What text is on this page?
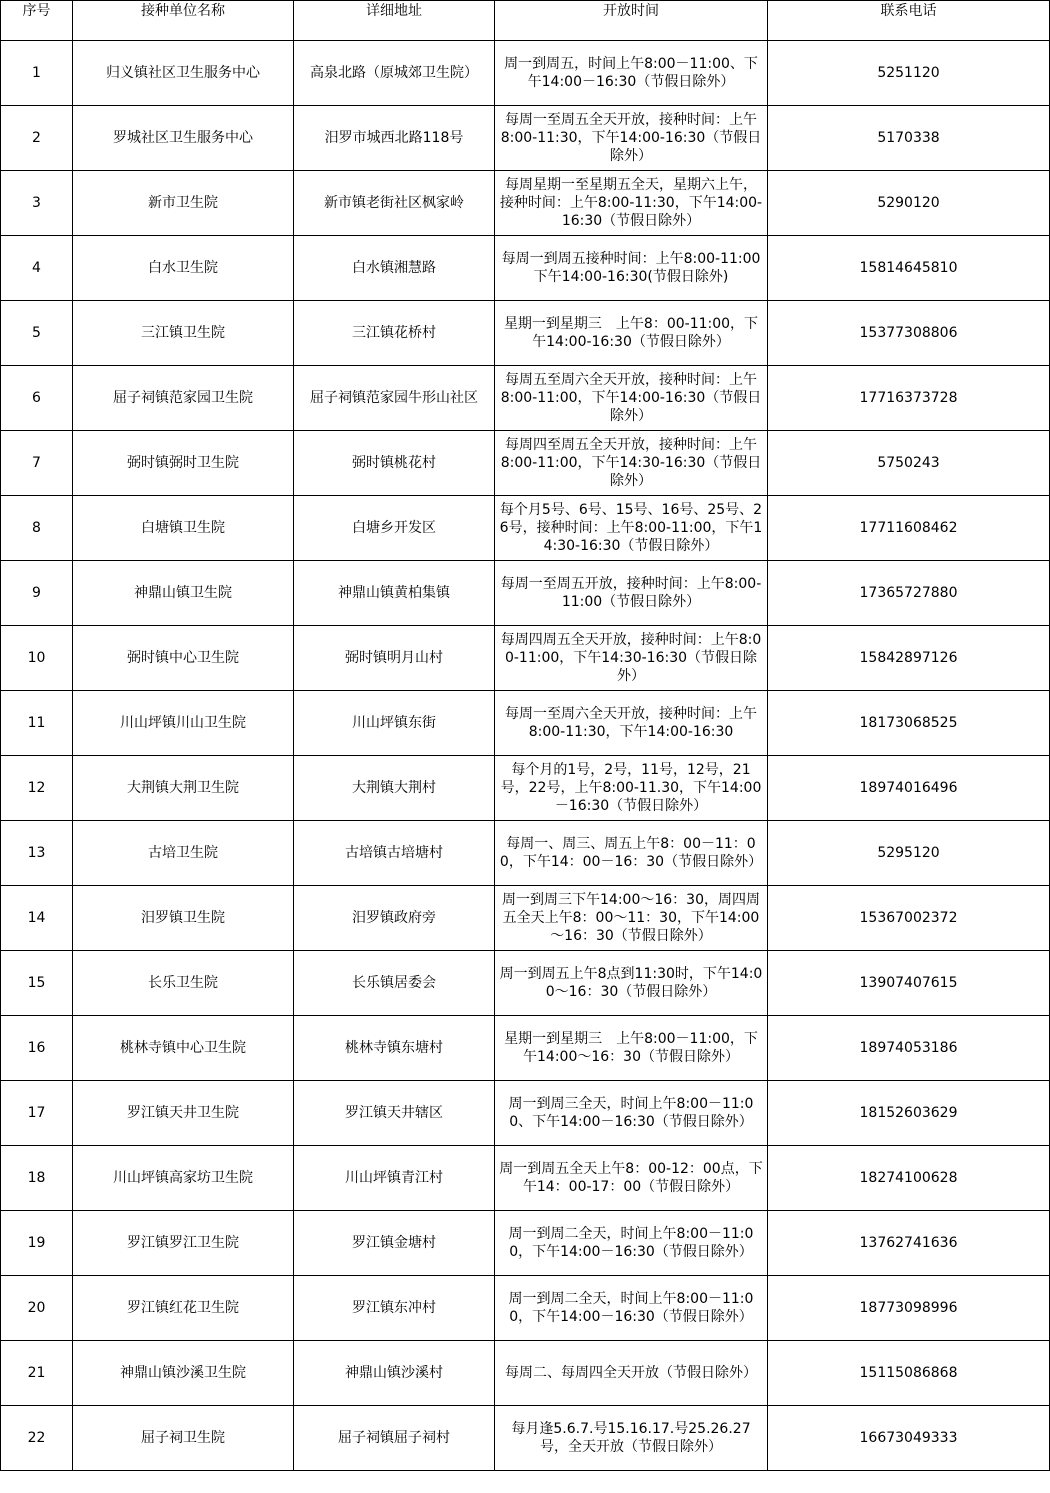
序号	接种单位名称	详细地址	开放时间	联系电话
1	归义镇社区卫生服务中心	高泉北路（原城郊卫生院）	周一到周五，时间上午8:00－11:00、下午14:00－16:30（节假日除外）	5251120
2	罗城社区卫生服务中心	汨罗市城西北路118号	每周一至周五全天开放，接种时间：上午8:00-11:30，下午14:00-16:30（节假日除外）	5170338
3	新市卫生院	新市镇老街社区枫家岭	每周星期一至星期五全天，星期六上午，接种时间：上午8:00-11:30，下午14:00-16:30（节假日除外）	5290120
4	白水卫生院	白水镇湘慧路	每周一到周五接种时间：上午8:00-11:00下午14:00-16:30(节假日除外)	15814645810
5	三江镇卫生院	三江镇花桥村	星期一到星期三　上午8：00-11:00，下午14:00-16:30（节假日除外）	15377308806
6	屈子祠镇范家园卫生院	屈子祠镇范家园牛形山社区	每周五至周六全天开放，接种时间：上午8:00-11:00，下午14:00-16:30（节假日除外）	17716373728
7	弼时镇弼时卫生院	弼时镇桃花村	每周四至周五全天开放，接种时间：上午8:00-11:00，下午14:30-16:30（节假日除外）	5750243
8	白塘镇卫生院	白塘乡开发区	每个月5号、6号、15号、16号、25号、26号，接种时间：上午8:00-11:00，下午14:30-16:30（节假日除外）	17711608462
9	神鼎山镇卫生院	神鼎山镇黄柏集镇	每周一至周五开放，接种时间：上午8:00-11:00（节假日除外）	17365727880
10	弼时镇中心卫生院	弼时镇明月山村	每周四周五全天开放，接种时间：上午8:00-11:00，下午14:30-16:30（节假日除外）	15842897126
11	川山坪镇川山卫生院	川山坪镇东街	每周一至周六全天开放，接种时间：上午8:00-11:30，下午14:00-16:30	18173068525
12	大荆镇大荆卫生院	大荆镇大荆村	每个月的1号，2号，11号，12号，21号，22号，上午8:00-11.30，下午14:00－16:30（节假日除外）	18974016496
13	古培卫生院	古培镇古培塘村	每周一、周三、周五上午8：00－11：00，下午14：00－16：30（节假日除外）	5295120
14	汨罗镇卫生院	汨罗镇政府旁	周一到周三下午14:00～16：30，周四周五全天上午8：00～11：30，下午14:00～16：30（节假日除外）	15367002372
15	长乐卫生院	长乐镇居委会	周一到周五上午8点到11:30时，下午14:00～16：30（节假日除外）	13907407615
16	桃林寺镇中心卫生院	桃林寺镇东塘村	星期一到星期三　上午8:00－11:00，下午14:00～16：30（节假日除外）	18974053186
17	罗江镇天井卫生院	罗江镇天井辖区	周一到周三全天，时间上午8:00－11:00、下午14:00－16:30（节假日除外）	18152603629
18	川山坪镇高家坊卫生院	川山坪镇青江村	周一到周五全天上午8：00-12：00点，下午14：00-17：00（节假日除外）	18274100628
19	罗江镇罗江卫生院	罗江镇金塘村	周一到周二全天，时间上午8:00－11:00，下午14:00－16:30（节假日除外）	13762741636
20	罗江镇红花卫生院	罗江镇东冲村	周一到周二全天，时间上午8:00－11:00，下午14:00－16:30（节假日除外）	18773098996
21	神鼎山镇沙溪卫生院	神鼎山镇沙溪村	每周二、每周四全天开放（节假日除外）	15115086868
22	屈子祠卫生院	屈子祠镇屈子祠村	每月逢5.6.7.号15.16.17.号25.26.27号，全天开放（节假日除外）	16673049333
